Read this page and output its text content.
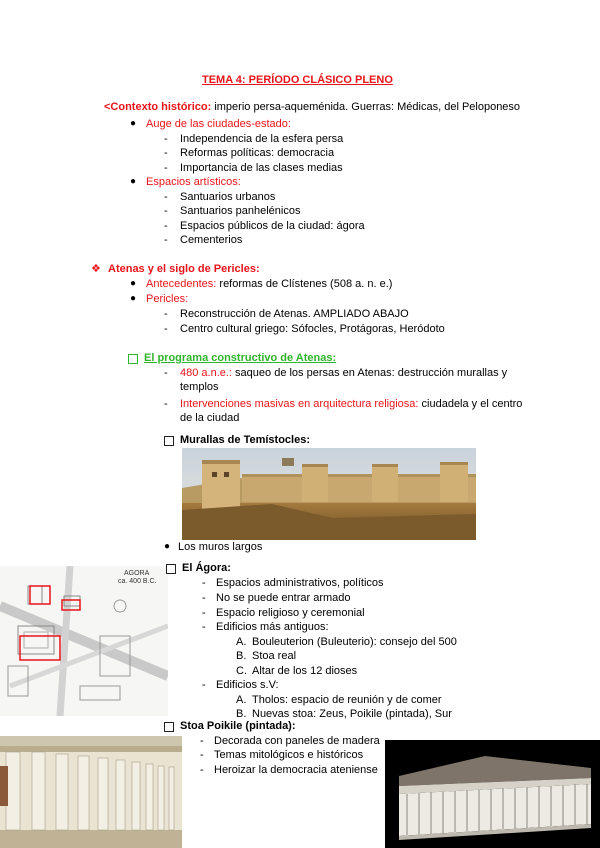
TEMA 4: PERÍODO CLÁSICO PLENO
<Contexto histórico: imperio persa-aqueménida. Guerras: Médicas, del Peloponeso
● Auge de las ciudades-estado:
- Independencia de la esfera persa
- Reformas políticas: democracia
- Importancia de las clases medias
● Espacios artísticos:
- Santuarios urbanos
- Santuarios panhelénicos
- Espacios públicos de la ciudad: ágora
- Cementerios
❖ Atenas y el siglo de Pericles:
● Antecedentes: reformas de Clístenes (508 a. n. e.)
● Pericles:
- Reconstrucción de Atenas. AMPLIADO ABAJO
- Centro cultural griego: Sófocles, Protágoras, Heródoto
El programa constructivo de Atenas:
- 480 a.n.e.: saqueo de los persas en Atenas: destrucción murallas y
templos
- Intervenciones masivas en arquitectura religiosa: ciudadela y el centro
de la ciudad
Murallas de Temístocles:
● Los muros largos
AGORA
ca. 400 B.C.
El Ágora:
- Espacios administrativos, políticos
- No se puede entrar armado
- Espacio religioso y ceremonial
- Edificios más antiguos:
A. Bouleuterion (Buleuterio): consejo del 500
B. Stoa real
C. Altar de los 12 dioses
- Edificios s.V:
A. Tholos: espacio de reunión y de comer
B. Nuevas stoa: Zeus, Poikile (pintada), Sur
Stoa Poikile (pintada):
- Decorada con paneles de madera
- Temas mitológicos e históricos
- Heroizar la democracia ateniense
